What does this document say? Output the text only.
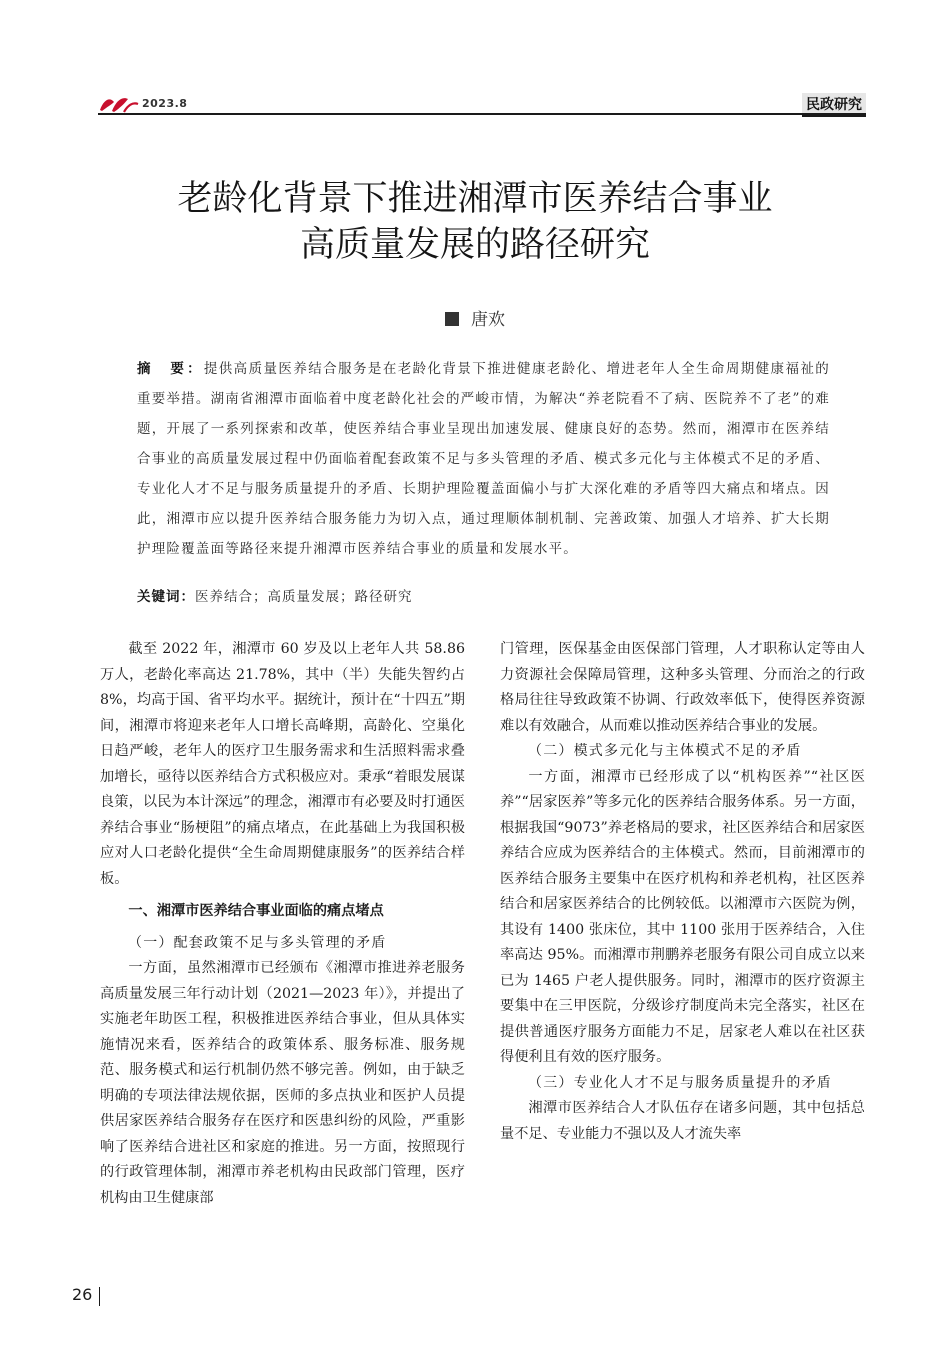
2023.8	民政研究
老龄化背景下推进湘潭市医养结合事业
高质量发展的路径研究
唐欢
摘　要：提供高质量医养结合服务是在老龄化背景下推进健康老龄化、增进老年人全生命周期健康福祉的重要举措。湖南省湘潭市面临着中度老龄化社会的严峻市情，为解决“养老院看不了病、医院养不了老”的难题，开展了一系列探索和改革，使医养结合事业呈现出加速发展、健康良好的态势。然而，湘潭市在医养结合事业的高质量发展过程中仍面临着配套政策不足与多头管理的矛盾、模式多元化与主体模式不足的矛盾、专业化人才不足与服务质量提升的矛盾、长期护理险覆盖面偏小与扩大深化难的矛盾等四大痛点和堵点。因此，湘潭市应以提升医养结合服务能力为切入点，通过理顺体制机制、完善政策、加强人才培养、扩大长期护理险覆盖面等路径来提升湘潭市医养结合事业的质量和发展水平。
关键词：医养结合；高质量发展；路径研究

截至 2022 年，湘潭市 60 岁及以上老年人共 58.86 万人，老龄化率高达 21.78%，其中（半）失能失智约占 8%，均高于国、省平均水平。据统计，预计在“十四五”期间，湘潭市将迎来老年人口增长高峰期，高龄化、空巢化日趋严峻，老年人的医疗卫生服务需求和生活照料需求叠加增长，亟待以医养结合方式积极应对。秉承“着眼发展谋良策，以民为本计深远”的理念，湘潭市有必要及时打通医养结合事业“肠梗阻”的痛点堵点，在此基础上为我国积极应对人口老龄化提供“全生命周期健康服务”的医养结合样板。

一、湘潭市医养结合事业面临的痛点堵点
（一）配套政策不足与多头管理的矛盾

一方面，虽然湘潭市已经颁布《湘潭市推进养老服务高质量发展三年行动计划（2021—2023 年）》，并提出了实施老年助医工程，积极推进医养结合事业，但从具体实施情况来看，医养结合的政策体系、服务标准、服务规范、服务模式和运行机制仍然不够完善。例如，由于缺乏明确的专项法律法规依据，医师的多点执业和医护人员提供居家医养结合服务存在医疗和医患纠纷的风险，严重影响了医养结合进社区和家庭的推进。另一方面，按照现行的行政管理体制，湘潭市养老机构由民政部门管理，医疗机构由卫生健康部

门管理，医保基金由医保部门管理，人才职称认定等由人力资源社会保障局管理，这种多头管理、分而治之的行政格局往往导致政策不协调、行政效率低下，使得医养资源难以有效融合，从而难以推动医养结合事业的发展。

（二）模式多元化与主体模式不足的矛盾

一方面，湘潭市已经形成了以“机构医养”“社区医养”“居家医养”等多元化的医养结合服务体系。另一方面，根据我国“9073”养老格局的要求，社区医养结合和居家医养结合应成为医养结合的主体模式。然而，目前湘潭市的医养结合服务主要集中在医疗机构和养老机构，社区医养结合和居家医养结合的比例较低。以湘潭市六医院为例，其设有 1400 张床位，其中 1100 张用于医养结合，入住率高达 95%。而湘潭市荆鹏养老服务有限公司自成立以来已为 1465 户老人提供服务。同时，湘潭市的医疗资源主要集中在三甲医院，分级诊疗制度尚未完全落实，社区在提供普通医疗服务方面能力不足，居家老人难以在社区获得便利且有效的医疗服务。

（三）专业化人才不足与服务质量提升的矛盾

湘潭市医养结合人才队伍存在诸多问题，其中包括总量不足、专业能力不强以及人才流失率

26
